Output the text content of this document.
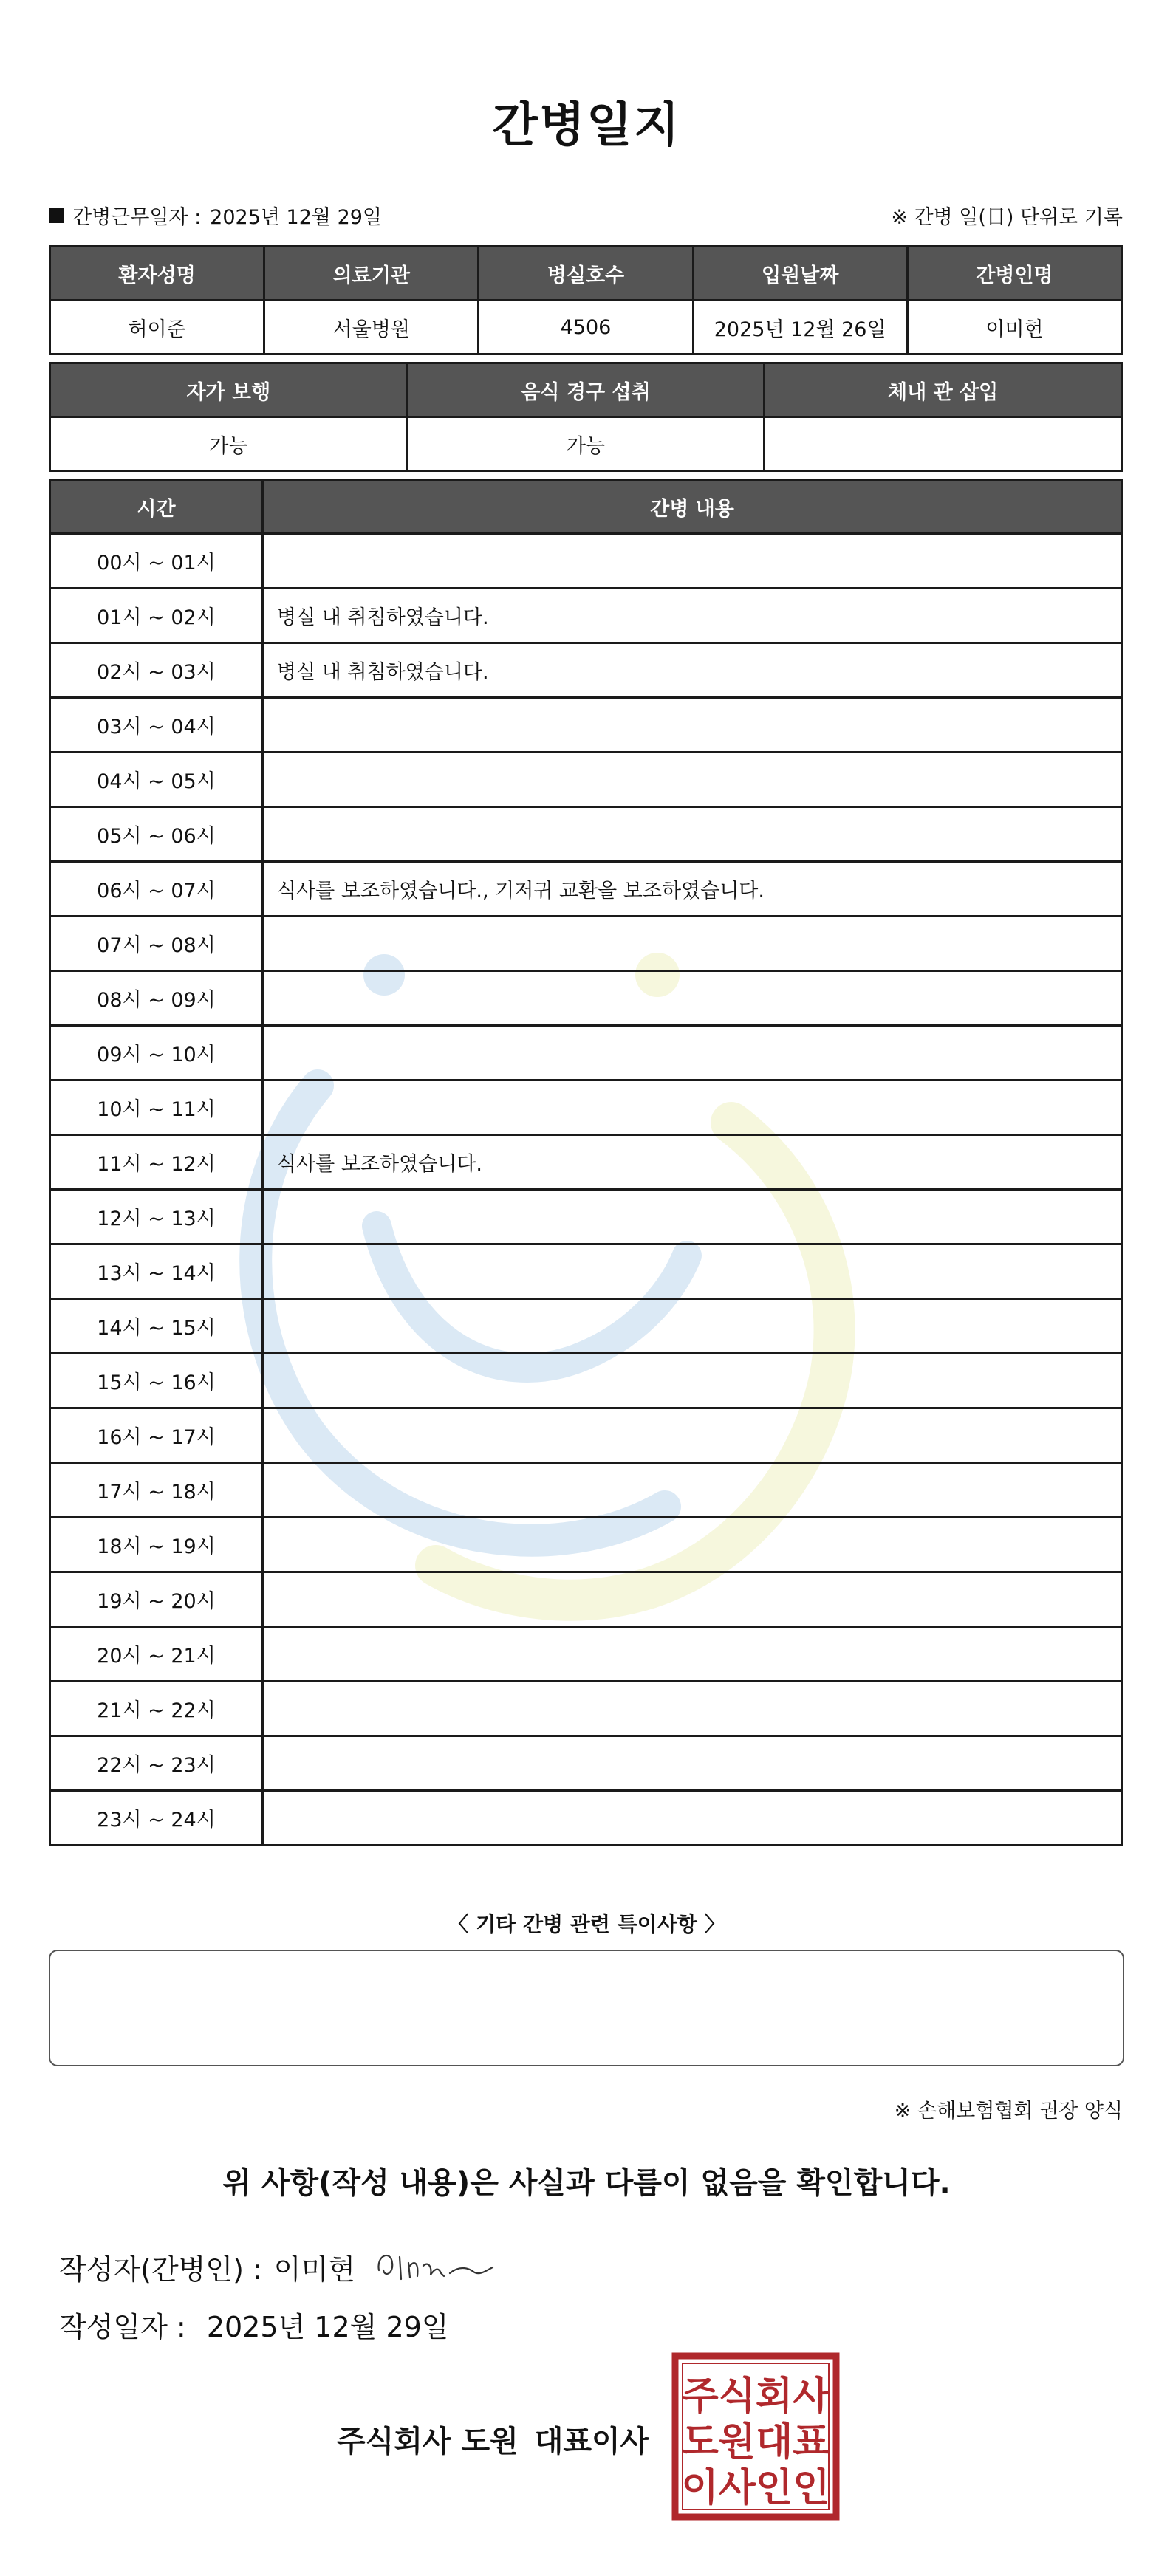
간병일지
간병근무일자 : 2025년 12월 29일	※ 간병 일(日) 단위로 기록
환자성명	의료기관	병실호수	입원날짜	간병인명
허이준	서울병원	4506	2025년 12월 26일	이미현
자가 보행	음식 경구 섭취	체내 관 삽입
가능	가능	
시간	간병 내용
00시 ~ 01시	
01시 ~ 02시	병실 내 취침하였습니다.
02시 ~ 03시	병실 내 취침하였습니다.
03시 ~ 04시	
04시 ~ 05시	
05시 ~ 06시	
06시 ~ 07시	식사를 보조하였습니다., 기저귀 교환을 보조하였습니다.
07시 ~ 08시	
08시 ~ 09시	
09시 ~ 10시	
10시 ~ 11시	
11시 ~ 12시	식사를 보조하였습니다.
12시 ~ 13시	
13시 ~ 14시	
14시 ~ 15시	
15시 ~ 16시	
16시 ~ 17시	
17시 ~ 18시	
18시 ~ 19시	
19시 ~ 20시	
20시 ~ 21시	
21시 ~ 22시	
22시 ~ 23시	
23시 ~ 24시	
〈 기타 간병 관련 특이사항 〉
※ 손해보험협회 권장 양식
위 사항(작성 내용)은 사실과 다름이 없음을 확인합니다.
작성자(간병인) : 이미현
작성일자 : 2025년 12월 29일
주식회사 도원 대표이사
주식회사
도원대표
이사인인
